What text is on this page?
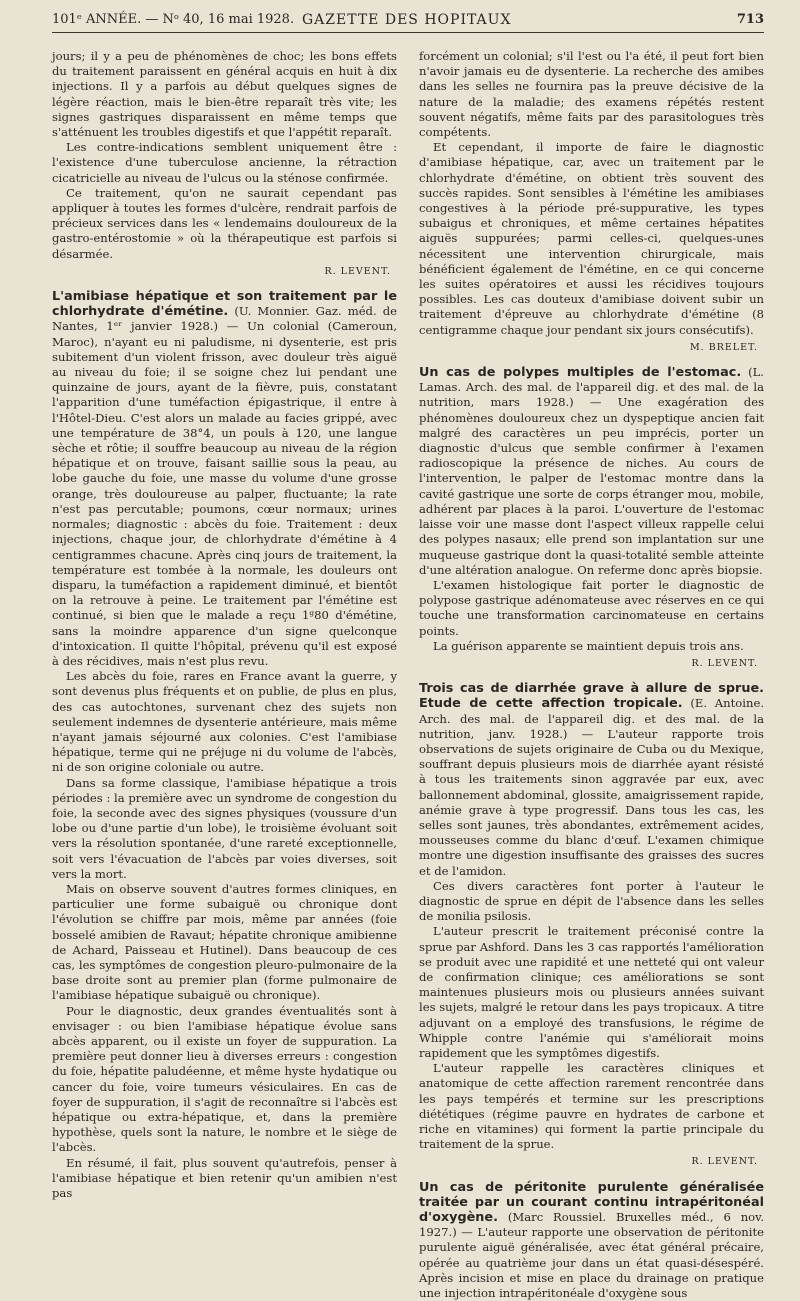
101ᵉ ANNÉE. — Nᵒ 40, 16 mai 1928. GAZETTE DES HOPITAUX	713

jours; il y a peu de phénomènes de choc; les bons effets du traitement paraissent en général acquis en huit à dix injections. Il y a parfois au début quelques signes de légère réaction, mais le bien-être reparaît très vite; les signes gastriques disparaissent en même temps que s'atténuent les troubles digestifs et que l'appétit reparaît.

Les contre-indications semblent uniquement être : l'existence d'une tuberculose ancienne, la rétraction cicatricielle au niveau de l'ulcus ou la sténose confirmée.

Ce traitement, qu'on ne saurait cependant pas appliquer à toutes les formes d'ulcère, rendrait parfois de précieux services dans les « lendemains douloureux de la gastro-entérostomie » où la thérapeutique est parfois si désarmée.

R. LEVENT.

L'amibiase hépatique et son traitement par le chlorhydrate d'émétine. (U. Monnier. Gaz. méd. de Nantes, 1ᵉʳ janvier 1928.) — Un colonial (Cameroun, Maroc), n'ayant eu ni paludisme, ni dysenterie, est pris subitement d'un violent frisson, avec douleur très aiguë au niveau du foie; il se soigne chez lui pendant une quinzaine de jours, ayant de la fièvre, puis, constatant l'apparition d'une tuméfaction épigastrique, il entre à l'Hôtel-Dieu. C'est alors un malade au facies grippé, avec une température de 38°4, un pouls à 120, une langue sèche et rôtie; il souffre beaucoup au niveau de la région hépatique et on trouve, faisant saillie sous la peau, au lobe gauche du foie, une masse du volume d'une grosse orange, très douloureuse au palper, fluctuante; la rate n'est pas percutable; poumons, cœur normaux; urines normales; diagnostic : abcès du foie. Traitement : deux injections, chaque jour, de chlorhydrate d'émétine à 4 centigrammes chacune. Après cinq jours de traitement, la température est tombée à la normale, les douleurs ont disparu, la tuméfaction a rapidement diminué, et bientôt on la retrouve à peine. Le traitement par l'émétine est continué, si bien que le malade a reçu 1ᵍ80 d'émétine, sans la moindre apparence d'un signe quelconque d'intoxication. Il quitte l'hôpital, prévenu qu'il est exposé à des récidives, mais n'est plus revu.

Les abcès du foie, rares en France avant la guerre, y sont devenus plus fréquents et on publie, de plus en plus, des cas autochtones, survenant chez des sujets non seulement indemnes de dysenterie antérieure, mais même n'ayant jamais séjourné aux colonies. C'est l'amibiase hépatique, terme qui ne préjuge ni du volume de l'abcès, ni de son origine coloniale ou autre.

Dans sa forme classique, l'amibiase hépatique a trois périodes : la première avec un syndrome de congestion du foie, la seconde avec des signes physiques (voussure d'un lobe ou d'une partie d'un lobe), le troisième évoluant soit vers la résolution spontanée, d'une rareté exceptionnelle, soit vers l'évacuation de l'abcès par voies diverses, soit vers la mort.

Mais on observe souvent d'autres formes cliniques, en particulier une forme subaiguë ou chronique dont l'évolution se chiffre par mois, même par années (foie bosselé amibien de Ravaut; hépatite chronique amibienne de Achard, Paisseau et Hutinel). Dans beaucoup de ces cas, les symptômes de congestion pleuro-pulmonaire de la base droite sont au premier plan (forme pulmonaire de l'amibiase hépatique subaiguë ou chronique).

Pour le diagnostic, deux grandes éventualités sont à envisager : ou bien l'amibiase hépatique évolue sans abcès apparent, ou il existe un foyer de suppuration. La première peut donner lieu à diverses erreurs : congestion du foie, hépatite paludéenne, et même hyste hydatique ou cancer du foie, voire tumeurs vésiculaires. En cas de foyer de suppuration, il s'agit de reconnaître si l'abcès est hépatique ou extra-hépatique, et, dans la première hypothèse, quels sont la nature, le nombre et le siège de l'abcès.

En résumé, il fait, plus souvent qu'autrefois, penser à l'amibiase hépatique et bien retenir qu'un amibien n'est pas

forcément un colonial; s'il l'est ou l'a été, il peut fort bien n'avoir jamais eu de dysenterie. La recherche des amibes dans les selles ne fournira pas la preuve décisive de la nature de la maladie; des examens répétés restent souvent négatifs, même faits par des parasitologues très compétents.

Et cependant, il importe de faire le diagnostic d'amibiase hépatique, car, avec un traitement par le chlorhydrate d'émétine, on obtient très souvent des succès rapides. Sont sensibles à l'émétine les amibiases congestives à la période pré-suppurative, les types subaigus et chroniques, et même certaines hépatites aiguës suppurées; parmi celles-ci, quelques-unes nécessitent une intervention chirurgicale, mais bénéficient également de l'émétine, en ce qui concerne les suites opératoires et aussi les récidives toujours possibles. Les cas douteux d'amibiase doivent subir un traitement d'épreuve au chlorhydrate d'émétine (8 centigramme chaque jour pendant six jours consécutifs).

M. BRELET.

Un cas de polypes multiples de l'estomac. (L. Lamas. Arch. des mal. de l'appareil dig. et des mal. de la nutrition, mars 1928.) — Une exagération des phénomènes douloureux chez un dyspeptique ancien fait malgré des caractères un peu imprécis, porter un diagnostic d'ulcus que semble confirmer à l'examen radioscopique la présence de niches. Au cours de l'intervention, le palper de l'estomac montre dans la cavité gastrique une sorte de corps étranger mou, mobile, adhérent par places à la paroi. L'ouverture de l'estomac laisse voir une masse dont l'aspect villeux rappelle celui des polypes nasaux; elle prend son implantation sur une muqueuse gastrique dont la quasi-totalité semble atteinte d'une altération analogue. On referme donc après biopsie.

L'examen histologique fait porter le diagnostic de polypose gastrique adénomateuse avec réserves en ce qui touche une transformation carcinomateuse en certains points.

La guérison apparente se maintient depuis trois ans.

R. LEVENT.

Trois cas de diarrhée grave à allure de sprue. Etude de cette affection tropicale. (E. Antoine. Arch. des mal. de l'appareil dig. et des mal. de la nutrition, janv. 1928.) — L'auteur rapporte trois observations de sujets originaire de Cuba ou du Mexique, souffrant depuis plusieurs mois de diarrhée ayant résisté à tous les traitements sinon aggravée par eux, avec ballonnement abdominal, glossite, amaigrissement rapide, anémie grave à type progressif. Dans tous les cas, les selles sont jaunes, très abondantes, extrêmement acides, mousseuses comme du blanc d'œuf. L'examen chimique montre une digestion insuffisante des graisses des sucres et de l'amidon.

Ces divers caractères font porter à l'auteur le diagnostic de sprue en dépit de l'absence dans les selles de monilia psilosis.

L'auteur prescrit le traitement préconisé contre la sprue par Ashford. Dans les 3 cas rapportés l'amélioration se produit avec une rapidité et une netteté qui ont valeur de confirmation clinique; ces améliorations se sont maintenues plusieurs mois ou plusieurs années suivant les sujets, malgré le retour dans les pays tropicaux. A titre adjuvant on a employé des transfusions, le régime de Whipple contre l'anémie qui s'améliorait moins rapidement que les symptômes digestifs.

L'auteur rappelle les caractères cliniques et anatomique de cette affection rarement rencontrée dans les pays tempérés et termine sur les prescriptions diététiques (régime pauvre en hydrates de carbone et riche en vitamines) qui forment la partie principale du traitement de la sprue.

R. LEVENT.

Un cas de péritonite purulente généralisée traitée par un courant continu intrapéritonéal d'oxygène. (Marc Roussiel. Bruxelles méd., 6 nov. 1927.) — L'auteur rapporte une observation de péritonite purulente aiguë généralisée, avec état général précaire, opérée au quatrième jour dans un état quasi-désespéré. Après incision et mise en place du drainage on pratique une injection intrapéritonéale d'oxygène sous
